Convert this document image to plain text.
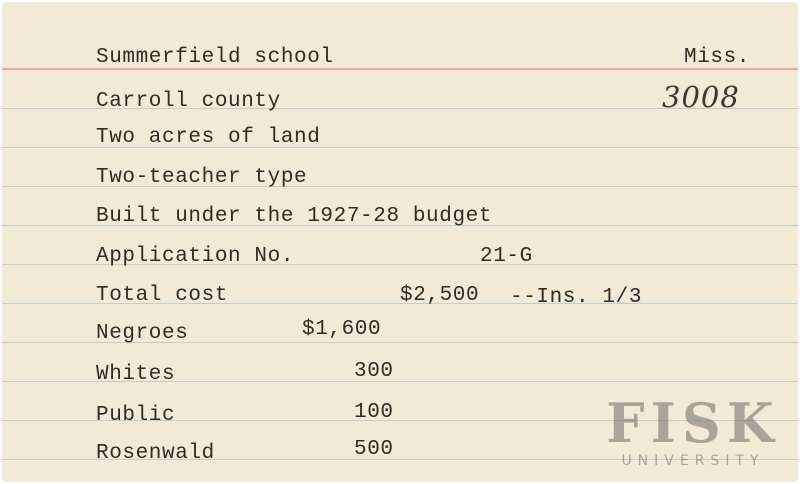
Summerfield school	Miss.
3008
Carroll county
Two acres of land
Two-teacher type
Built under the 1927-28 budget
Application No.	21-G
Total cost	$2,500 --Ins. 1/3
Negroes	$1,600
Whites	300
Public	100
Rosenwald	500	FISK
UNIVERSITY
